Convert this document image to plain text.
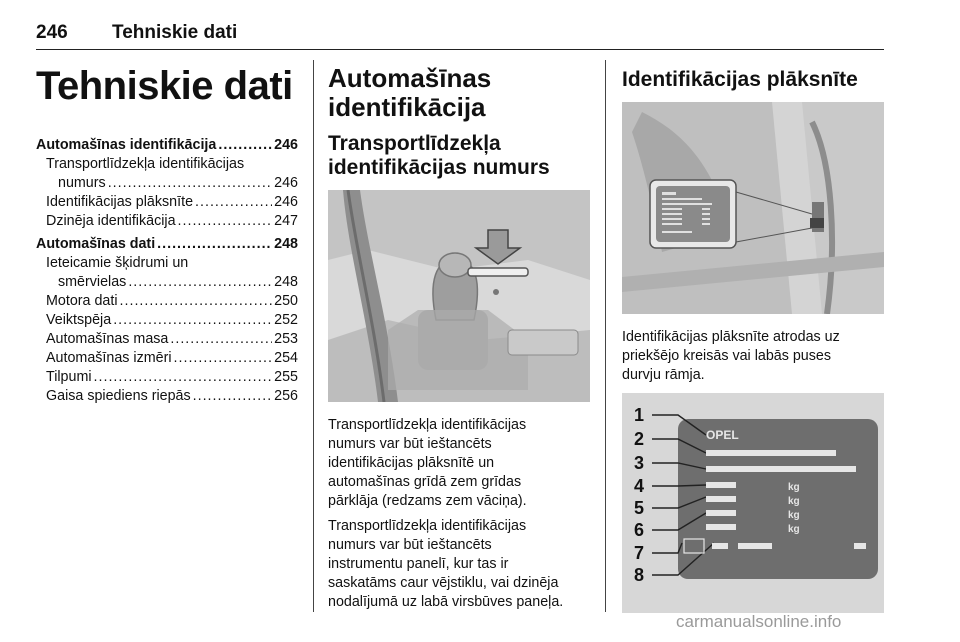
246 Tehniskie dati
Tehniskie dati
Automašīnas identifikācija .....	246
Transportlīdzekļa identifikācijas
numurs .....	246
Identifikācijas plāksnīte .....	246
Dzinēja identifikācija .....	247
Automašīnas dati .....	248
Ieteicamie šķidrumi un
smērvielas .....	248
Motora dati .....	250
Veiktspēja .....	252
Automašīnas masa .....	253
Automašīnas izmēri .....	254
Tilpumi .....	255
Gaisa spiediens riepās .....	256
Automašīnas
identifikācija
Transportlīdzekļa
identifikācijas numurs

Transportlīdzekļa identifikācijas
numurs var būt ieštancēts
identifikācijas plāksnītē un
automašīnas grīdā zem grīdas
pārklāja (redzams zem vāciņa).

Transportlīdzekļa identifikācijas
numurs var būt ieštancēts
instrumentu panelī, kur tas ir
saskatāms caur vējstiklu, vai dzinēja
nodalījumā uz labā virsbūves paneļa.

Identifikācijas plāksnīte

Identifikācijas plāksnīte atrodas uz
priekšējo kreisās vai labās puses
durvju rāmja.

1
2
3
4
5
6
7
8
OPEL
kg
kg
kg
kg
carmanualsonline.info
